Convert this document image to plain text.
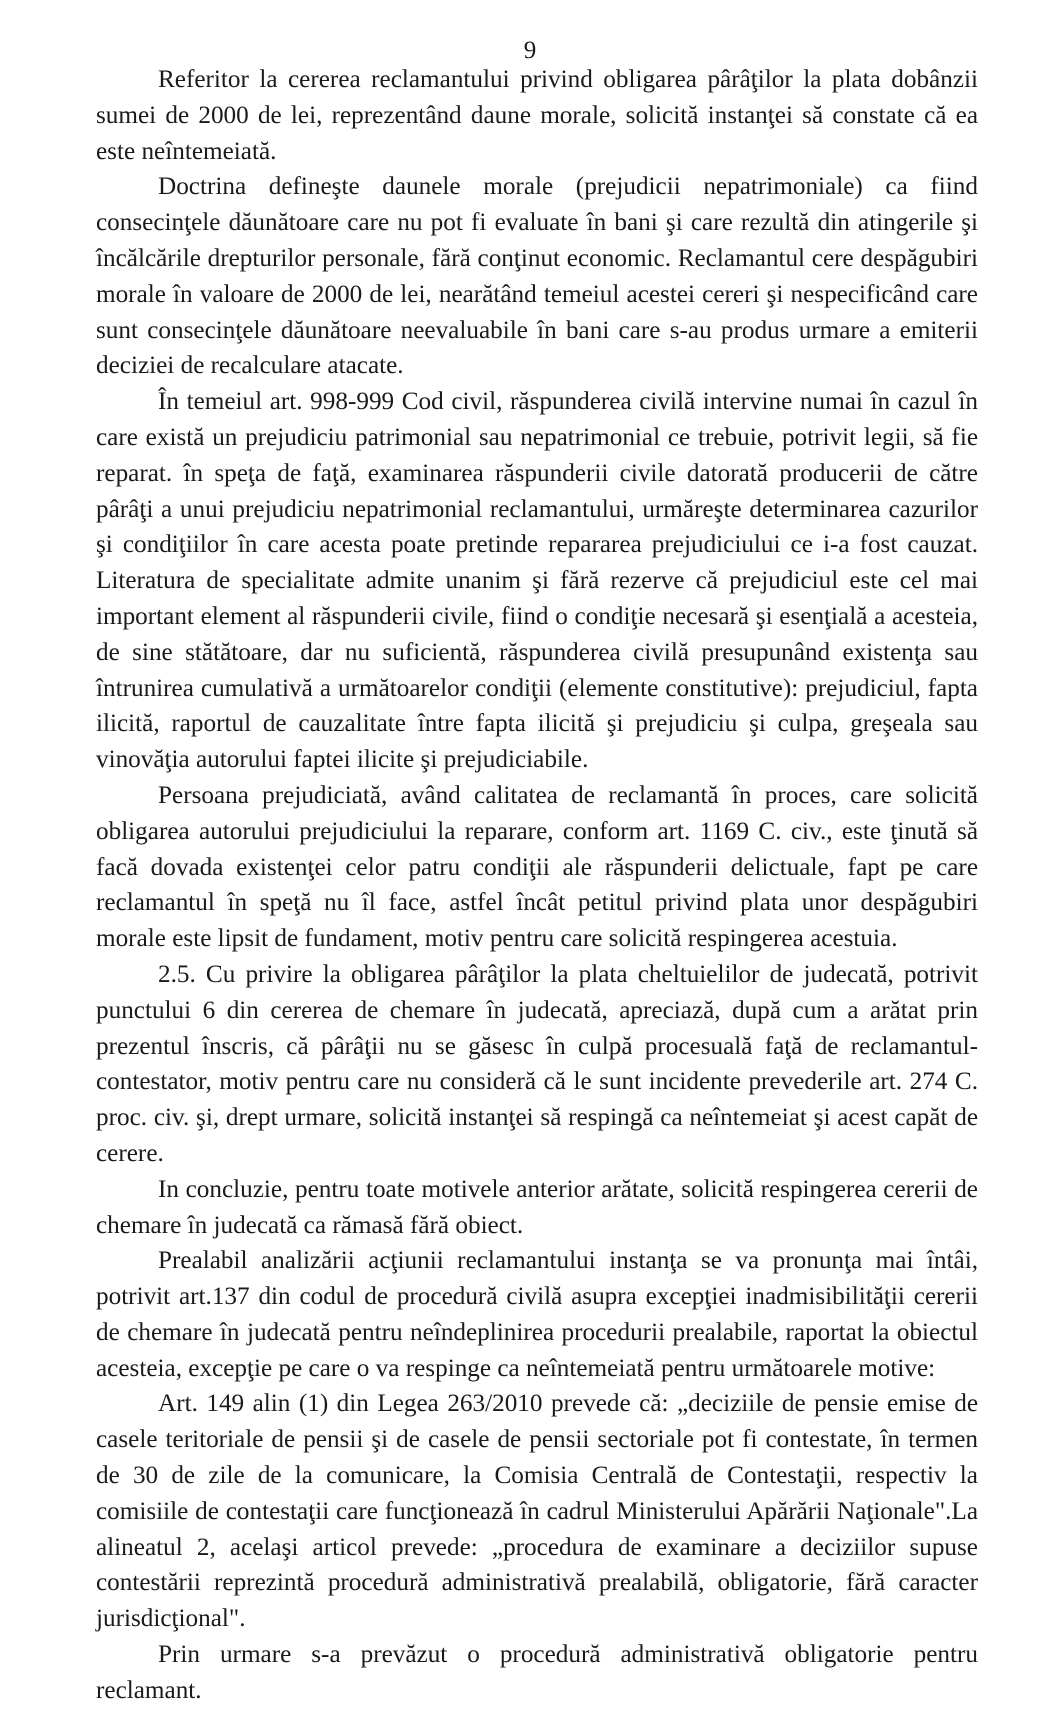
9

Referitor la cererea reclamantului privind obligarea pârâţilor la plata dobânzii sumei de 2000 de lei, reprezentând daune morale, solicită instanţei să constate că ea este neîntemeiată.

Doctrina defineşte daunele morale (prejudicii nepatrimoniale) ca fiind consecinţele dăunătoare care nu pot fi evaluate în bani şi care rezultă din atingerile şi încălcările drepturilor personale, fără conţinut economic. Reclamantul cere despăgubiri morale în valoare de 2000 de lei, nearătând temeiul acestei cereri şi nespecificând care sunt consecinţele dăunătoare neevaluabile în bani care s-au produs urmare a emiterii deciziei de recalculare atacate.

În temeiul art. 998-999 Cod civil, răspunderea civilă intervine numai în cazul în care există un prejudiciu patrimonial sau nepatrimonial ce trebuie, potrivit legii, să fie reparat. în speţa de faţă, examinarea răspunderii civile datorată producerii de către pârâţi a unui prejudiciu nepatrimonial reclamantului, urmăreşte determinarea cazurilor şi condiţiilor în care acesta poate pretinde repararea prejudiciului ce i-a fost cauzat. Literatura de specialitate admite unanim şi fără rezerve că prejudiciul este cel mai important element al răspunderii civile, fiind o condiţie necesară şi esenţială a acesteia, de sine stătătoare, dar nu suficientă, răspunderea civilă presupunând existenţa sau întrunirea cumulativă a următoarelor condiţii (elemente constitutive): prejudiciul, fapta ilicită, raportul de cauzalitate între fapta ilicită şi prejudiciu şi culpa, greşeala sau vinovăţia autorului faptei ilicite şi prejudiciabile.

Persoana prejudiciată, având calitatea de reclamantă în proces, care solicită obligarea autorului prejudiciului la reparare, conform art. 1169 C. civ., este ţinută să facă dovada existenţei celor patru condiţii ale răspunderii delictuale, fapt pe care reclamantul în speţă nu îl face, astfel încât petitul privind plata unor despăgubiri morale este lipsit de fundament, motiv pentru care solicită respingerea acestuia.

2.5. Cu privire la obligarea pârâţilor la plata cheltuielilor de judecată, potrivit punctului 6 din cererea de chemare în judecată, apreciază, după cum a arătat prin prezentul înscris, că pârâţii nu se găsesc în culpă procesuală faţă de reclamantul-contestator, motiv pentru care nu consideră că le sunt incidente prevederile art. 274 C. proc. civ. şi, drept urmare, solicită instanţei să respingă ca neîntemeiat şi acest capăt de cerere.

In concluzie, pentru toate motivele anterior arătate, solicită respingerea cererii de chemare în judecată ca rămasă fără obiect.

Prealabil analizării acţiunii reclamantului instanţa se va pronunţa mai întâi, potrivit art.137 din codul de procedură civilă asupra excepţiei inadmisibilităţii cererii de chemare în judecată pentru neîndeplinirea procedurii prealabile, raportat la obiectul acesteia, excepţie pe care o va respinge ca neîntemeiată pentru următoarele motive:

Art. 149 alin (1) din Legea 263/2010 prevede că: „deciziile de pensie emise de casele teritoriale de pensii şi de casele de pensii sectoriale pot fi contestate, în termen de 30 de zile de la comunicare, la Comisia Centrală de Contestaţii, respectiv la comisiile de contestaţii care funcţionează în cadrul Ministerului Apărării Naţionale".La alineatul 2, acelaşi articol prevede: „procedura de examinare a deciziilor supuse contestării reprezintă procedură administrativă prealabilă, obligatorie, fără caracter jurisdicţional".

Prin urmare s-a prevăzut o procedură administrativă obligatorie pentru reclamant.
